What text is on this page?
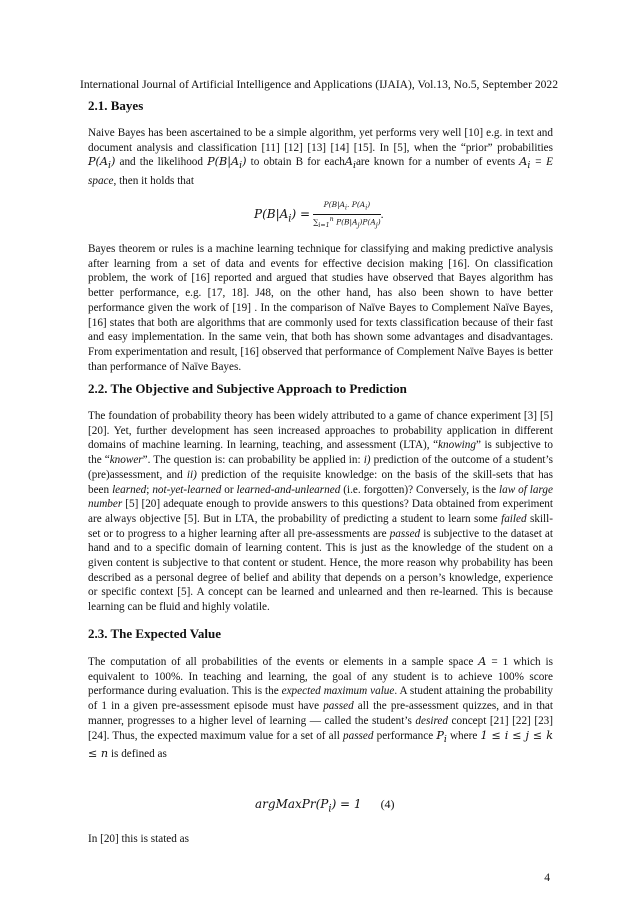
International Journal of Artificial Intelligence and Applications (IJAIA), Vol.13, No.5, September 2022
2.1. Bayes

Naive Bayes has been ascertained to be a simple algorithm, yet performs very well [10] e.g. in text and document analysis and classification [11] [12] [13] [14] [15]. In [5], when the “prior” probabilities $P(A_i)$ and the likelihood $P(B|A_i)$ to obtain B for eachA$_i$are known for a number of events $A_i = E$ space, then it holds that

$P(B|A_i) = \frac{P(B|A_i. P(A_i)}{\sum_{i=1}^n P(B|A_j)P(A_j)}$ .

Bayes theorem or rules is a machine learning technique for classifying and making predictive analysis after learning from a set of data and events for effective decision making [16]. On classification problem, the work of [16] reported and argued that studies have observed that Bayes algorithm has better performance, e.g. [17, 18]. J48, on the other hand, has also been shown to have better performance given the work of [19] . In the comparison of Naïve Bayes to Complement Naïve Bayes, [16] states that both are algorithms that are commonly used for texts classification because of their fast and easy implementation. In the same vein, that both has shown some advantages and disadvantages. From experimentation and result, [16] observed that performance of Complement Naïve Bayes is better than performance of Naïve Bayes.

2.2. The Objective and Subjective Approach to Prediction

The foundation of probability theory has been widely attributed to a game of chance experiment [3] [5] [20]. Yet, further development has seen increased approaches to probability application in different domains of machine learning. In learning, teaching, and assessment (LTA), “knowing” is subjective to the “knower”. The question is: can probability be applied in: i) prediction of the outcome of a student’s (pre)assessment, and ii) prediction of the requisite knowledge: on the basis of the skill-sets that has been learned; not-yet-learned or learned-and-unlearned (i.e. forgotten)? Conversely, is the law of large number [5] [20] adequate enough to provide answers to this questions? Data obtained from experiment are always objective [5]. But in LTA, the probability of predicting a student to learn some failed skill-set or to progress to a higher learning after all pre-assessments are passed is subjective to the dataset at hand and to a specific domain of learning content. This is just as the knowledge of the student on a given content is subjective to that content or student. Hence, the more reason why probability has been described as a personal degree of belief and ability that depends on a person’s knowledge, experience or specific context [5]. A concept can be learned and unlearned and then re-learned. This is because learning can be fluid and highly volatile.

2.3. The Expected Value

The computation of all probabilities of the events or elements in a sample space A = 1 which is equivalent to 100%. In teaching and learning, the goal of any student is to achieve 100% score performance during evaluation. This is the expected maximum value. A student attaining the probability of 1 in a given pre-assessment episode must have passed all the pre-assessment quizzes, and in that manner, progresses to a higher level of learning — called the student’s desired concept [21] [22] [23] [24]. Thus, the expected maximum value for a set of all passed performance $P_i$ where 1 ≤ i ≤ j ≤ k ≤ n is defined as

$argMaxPr(P_i) = 1$ (4)

In [20] this is stated as

4
